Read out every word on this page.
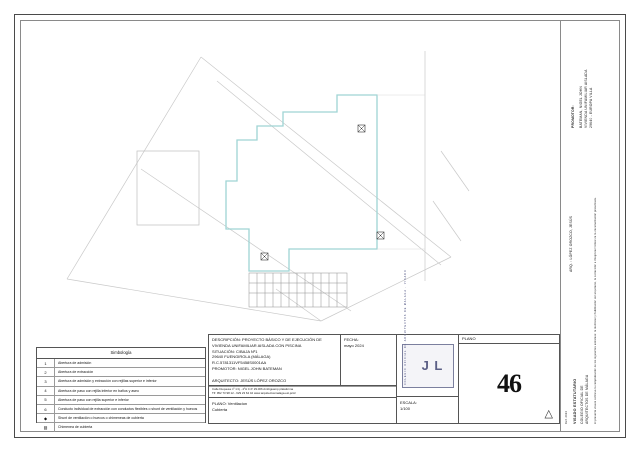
Simbología
1	Abertura de admisión
2	Abertura de extracción
3	Abertura de admisión y extracción con rejillas superior e inferior
4	Abertura de paso con rejilla inferior en baños y aseo
5	Abertura de paso con rejilla superior e inferior
6	Conducto individual de extracción con conductos flexibles o shunt de ventilación y huecos
◆	Shunt de ventilación o huecos o chimeneas de cubierta
▨	Chimenea de cubierta
DESCRIPCIÓN: PROYECTO BÁSICO Y DE EJECUCIÓN DE VIVIENDA UNIFAMILIAR AISLADA CON PISCINA
SITUACIÓN: C/BAJA Nº1
29640 FUENGIROLA (MÁLAGA)
R.C.5781311VF5458S0001AA
PROMOTOR: NIGEL JOHN BATEMAN

ARQUITECTO: JESÚS LÓPEZ OROZCO
FECHA:
mayo 2024
Calle Duquesa nº 1 bj - 2ºA C.P. 29.006 Ambiguamp plataforma
Tlf: 952 73 98 12 - 629 23 64 42 www.arquitectosmalaga.est.je/A/
PLANO: Ventilacion
Cubierta
COLEGIO OFICIAL DE ARQUITECTOS DE MÁLAGA · VISADO	J L
ESCALA:
1/100
PLANO
46
△
PROMOTOR: BATEMAN, NIGEL JOHN VIVIENDA UNIFAMILIAR AISLADA 29640 - EUROPA VILLA
ARQ. : LÓPEZ OROZCO, JESÚS
VISADO ESTATUTARIO COLEGIO OFICIAL DE ARQUITECTOS DE MÁLAGA El presente visado conlleva la comprobación de los siguientes extremos: la identidad y habilitación del arquitecto, la corrección e integridad formal de la documentación presentada.
Ref. 2024
